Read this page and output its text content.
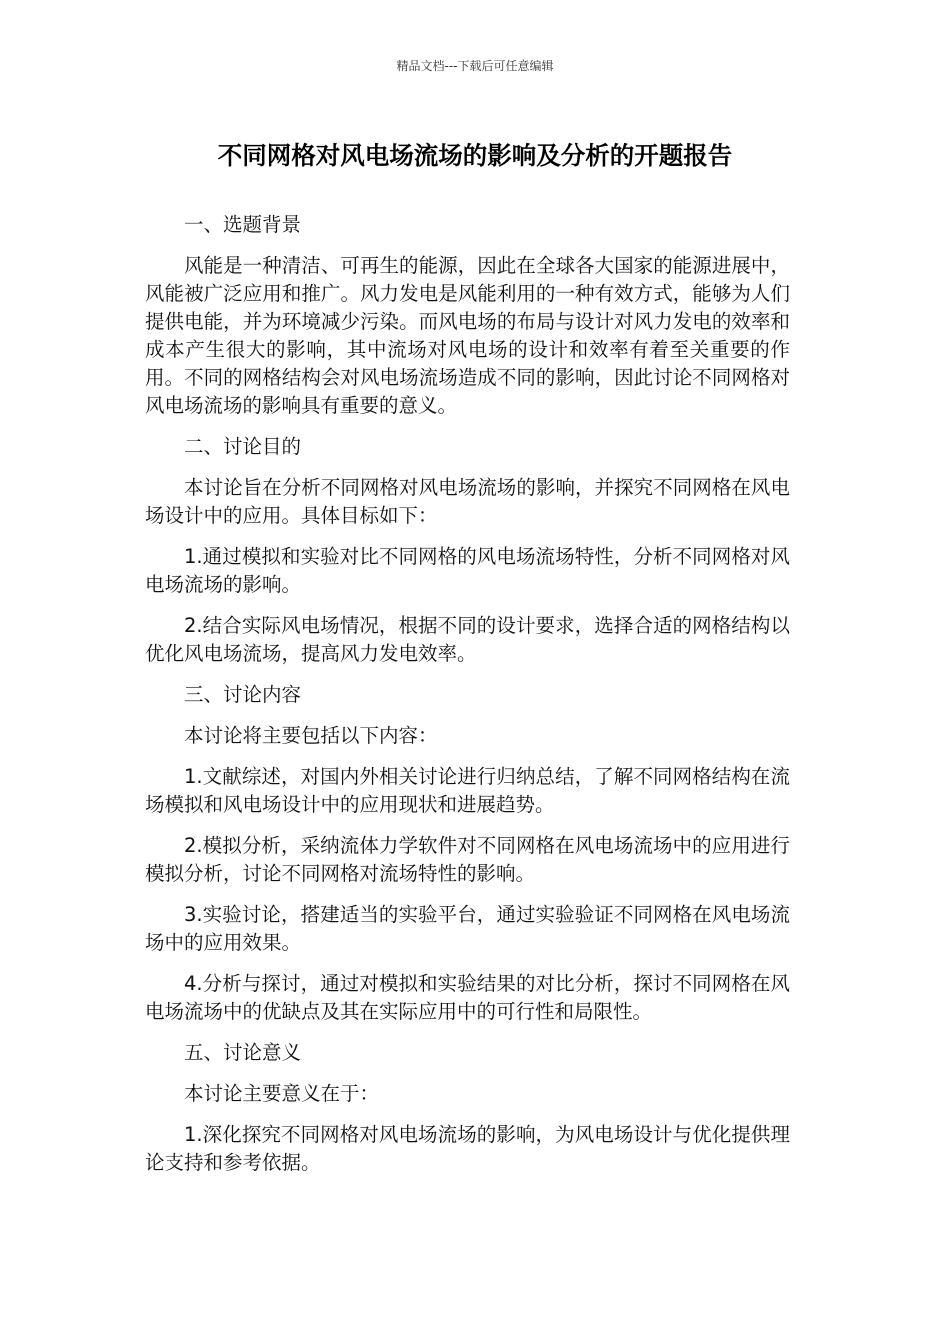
精品文档---下载后可任意编辑
不同网格对风电场流场的影响及分析的开题报告
一、选题背景

风能是一种清洁、可再生的能源，因此在全球各大国家的能源进展中，风能被广泛应用和推广。风力发电是风能利用的一种有效方式，能够为人们提供电能，并为环境减少污染。而风电场的布局与设计对风力发电的效率和成本产生很大的影响，其中流场对风电场的设计和效率有着至关重要的作用。不同的网格结构会对风电场流场造成不同的影响，因此讨论不同网格对风电场流场的影响具有重要的意义。

二、讨论目的

本讨论旨在分析不同网格对风电场流场的影响，并探究不同网格在风电场设计中的应用。具体目标如下：

1.通过模拟和实验对比不同网格的风电场流场特性，分析不同网格对风电场流场的影响。

2.结合实际风电场情况，根据不同的设计要求，选择合适的网格结构以优化风电场流场，提高风力发电效率。

三、讨论内容

本讨论将主要包括以下内容：

1.文献综述，对国内外相关讨论进行归纳总结，了解不同网格结构在流场模拟和风电场设计中的应用现状和进展趋势。

2.模拟分析，采纳流体力学软件对不同网格在风电场流场中的应用进行模拟分析，讨论不同网格对流场特性的影响。

3.实验讨论，搭建适当的实验平台，通过实验验证不同网格在风电场流场中的应用效果。

4.分析与探讨，通过对模拟和实验结果的对比分析，探讨不同网格在风电场流场中的优缺点及其在实际应用中的可行性和局限性。

五、讨论意义

本讨论主要意义在于：

1.深化探究不同网格对风电场流场的影响，为风电场设计与优化提供理论支持和参考依据。
